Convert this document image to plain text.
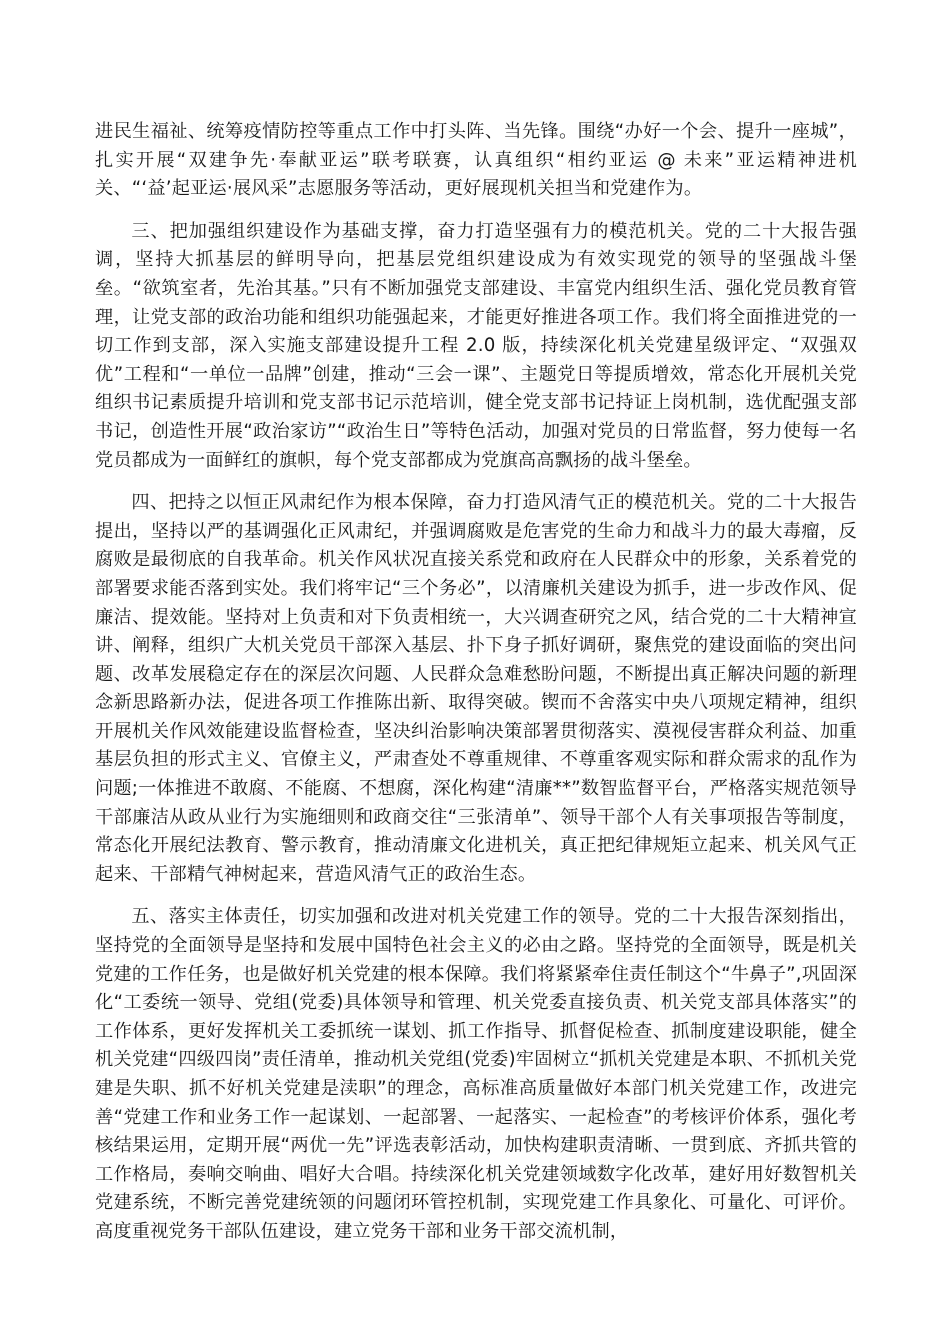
进民生福祉、统筹疫情防控等重点工作中打头阵、当先锋。围绕“办好一个会、提升一座城”，扎实开展“双建争先·奉献亚运”联考联赛，认真组织“相约亚运 @ 未来”亚运精神进机关、“‘益’起亚运·展风采”志愿服务等活动，更好展现机关担当和党建作为。

三、把加强组织建设作为基础支撑，奋力打造坚强有力的模范机关。党的二十大报告强调，坚持大抓基层的鲜明导向，把基层党组织建设成为有效实现党的领导的坚强战斗堡垒。“欲筑室者，先治其基。”只有不断加强党支部建设、丰富党内组织生活、强化党员教育管理，让党支部的政治功能和组织功能强起来，才能更好推进各项工作。我们将全面推进党的一切工作到支部，深入实施支部建设提升工程 2.0 版，持续深化机关党建星级评定、“双强双优”工程和“一单位一品牌”创建，推动“三会一课”、主题党日等提质增效，常态化开展机关党组织书记素质提升培训和党支部书记示范培训，健全党支部书记持证上岗机制，选优配强支部书记，创造性开展“政治家访”“政治生日”等特色活动，加强对党员的日常监督，努力使每一名党员都成为一面鲜红的旗帜，每个党支部都成为党旗高高飘扬的战斗堡垒。

四、把持之以恒正风肃纪作为根本保障，奋力打造风清气正的模范机关。党的二十大报告提出，坚持以严的基调强化正风肃纪，并强调腐败是危害党的生命力和战斗力的最大毒瘤，反腐败是最彻底的自我革命。机关作风状况直接关系党和政府在人民群众中的形象，关系着党的部署要求能否落到实处。我们将牢记“三个务必”，以清廉机关建设为抓手，进一步改作风、促廉洁、提效能。坚持对上负责和对下负责相统一，大兴调查研究之风，结合党的二十大精神宣讲、阐释，组织广大机关党员干部深入基层、扑下身子抓好调研，聚焦党的建设面临的突出问题、改革发展稳定存在的深层次问题、人民群众急难愁盼问题，不断提出真正解决问题的新理念新思路新办法，促进各项工作推陈出新、取得突破。锲而不舍落实中央八项规定精神，组织开展机关作风效能建设监督检查，坚决纠治影响决策部署贯彻落实、漠视侵害群众利益、加重基层负担的形式主义、官僚主义，严肃查处不尊重规律、不尊重客观实际和群众需求的乱作为问题;一体推进不敢腐、不能腐、不想腐，深化构建“清廉**”数智监督平台，严格落实规范领导干部廉洁从政从业行为实施细则和政商交往“三张清单”、领导干部个人有关事项报告等制度，常态化开展纪法教育、警示教育，推动清廉文化进机关，真正把纪律规矩立起来、机关风气正起来、干部精气神树起来，营造风清气正的政治生态。

五、落实主体责任，切实加强和改进对机关党建工作的领导。党的二十大报告深刻指出，坚持党的全面领导是坚持和发展中国特色社会主义的必由之路。坚持党的全面领导，既是机关党建的工作任务，也是做好机关党建的根本保障。我们将紧紧牵住责任制这个“牛鼻子”,巩固深化“工委统一领导、党组(党委)具体领导和管理、机关党委直接负责、机关党支部具体落实”的工作体系，更好发挥机关工委抓统一谋划、抓工作指导、抓督促检查、抓制度建设职能，健全机关党建“四级四岗”责任清单，推动机关党组(党委)牢固树立“抓机关党建是本职、不抓机关党建是失职、抓不好机关党建是渎职”的理念，高标准高质量做好本部门机关党建工作，改进完善“党建工作和业务工作一起谋划、一起部署、一起落实、一起检查”的考核评价体系，强化考核结果运用，定期开展“两优一先”评选表彰活动，加快构建职责清晰、一贯到底、齐抓共管的工作格局，奏响交响曲、唱好大合唱。持续深化机关党建领域数字化改革，建好用好数智机关党建系统，不断完善党建统领的问题闭环管控机制，实现党建工作具象化、可量化、可评价。高度重视党务干部队伍建设，建立党务干部和业务干部交流机制，
